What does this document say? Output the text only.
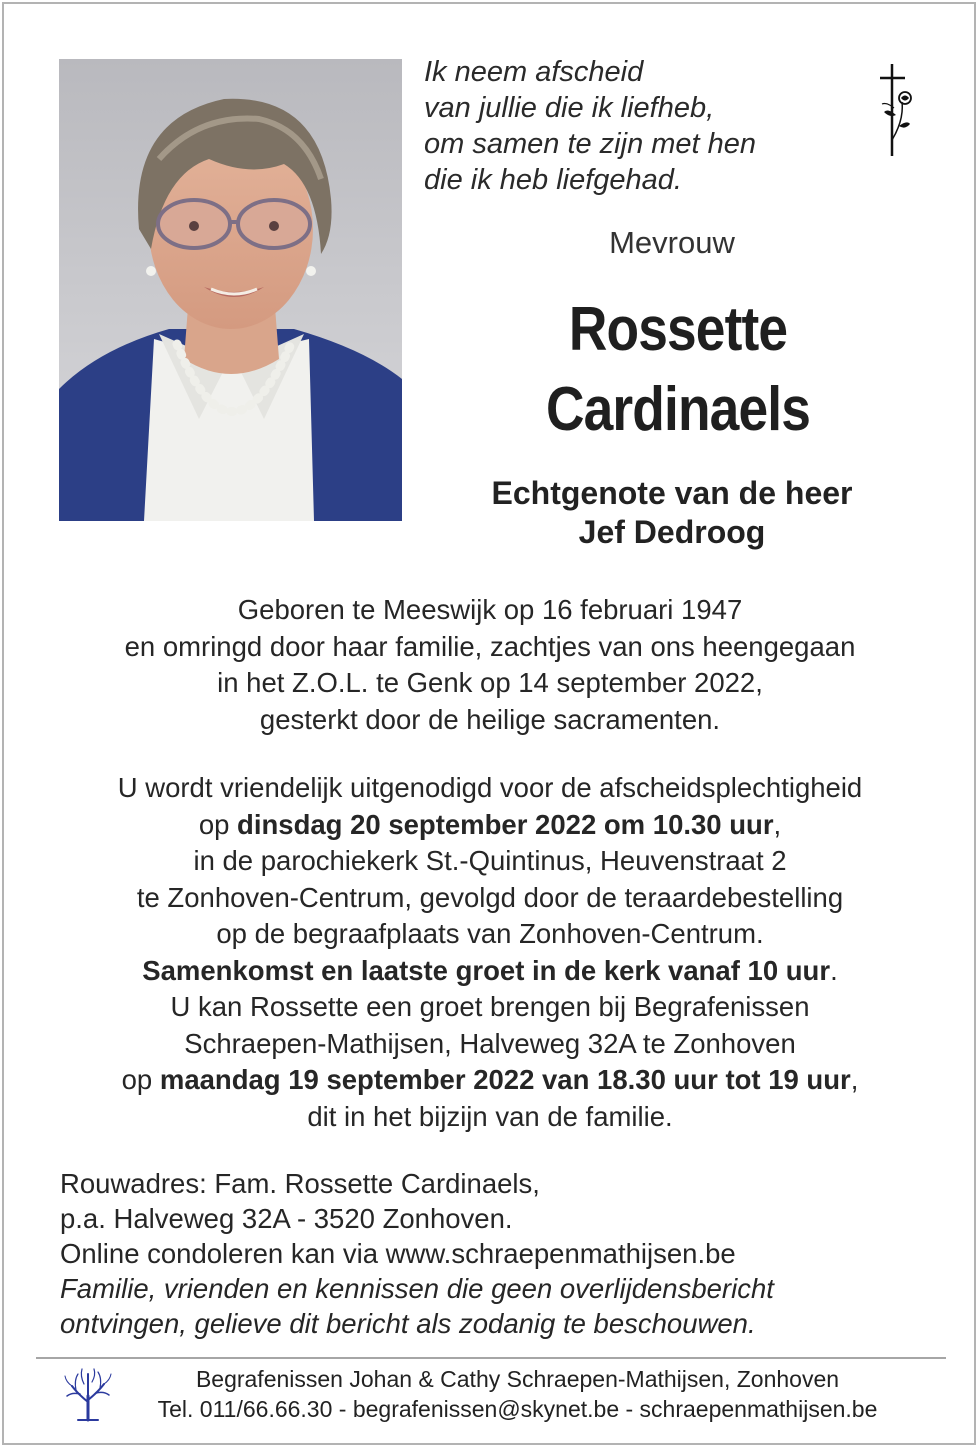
Ik neem afscheid
van jullie die ik liefheb,
om samen te zijn met hen
die ik heb liefgehad.
Mevrouw
Rossette
Cardinaels
Echtgenote van de heer
Jef Dedroog
Geboren te Meeswijk op 16 februari 1947
en omringd door haar familie, zachtjes van ons heengegaan
in het Z.O.L. te Genk op 14 september 2022,
gesterkt door de heilige sacramenten.
U wordt vriendelijk uitgenodigd voor de afscheidsplechtigheid
op dinsdag 20 september 2022 om 10.30 uur,
in de parochiekerk St.-Quintinus, Heuvenstraat 2
te Zonhoven-Centrum, gevolgd door de teraardebestelling
op de begraafplaats van Zonhoven-Centrum.
Samenkomst en laatste groet in de kerk vanaf 10 uur.
U kan Rossette een groet brengen bij Begrafenissen
Schraepen-Mathijsen, Halveweg 32A te Zonhoven
op maandag 19 september 2022 van 18.30 uur tot 19 uur,
dit in het bijzijn van de familie.
Rouwadres: Fam. Rossette Cardinaels,
p.a. Halveweg 32A - 3520 Zonhoven.
Online condoleren kan via www.schraepenmathijsen.be
Familie, vrienden en kennissen die geen overlijdensbericht
ontvingen, gelieve dit bericht als zodanig te beschouwen.
Begrafenissen Johan & Cathy Schraepen-Mathijsen, Zonhoven
Tel. 011/66.66.30 - begrafenissen@skynet.be - schraepenmathijsen.be
